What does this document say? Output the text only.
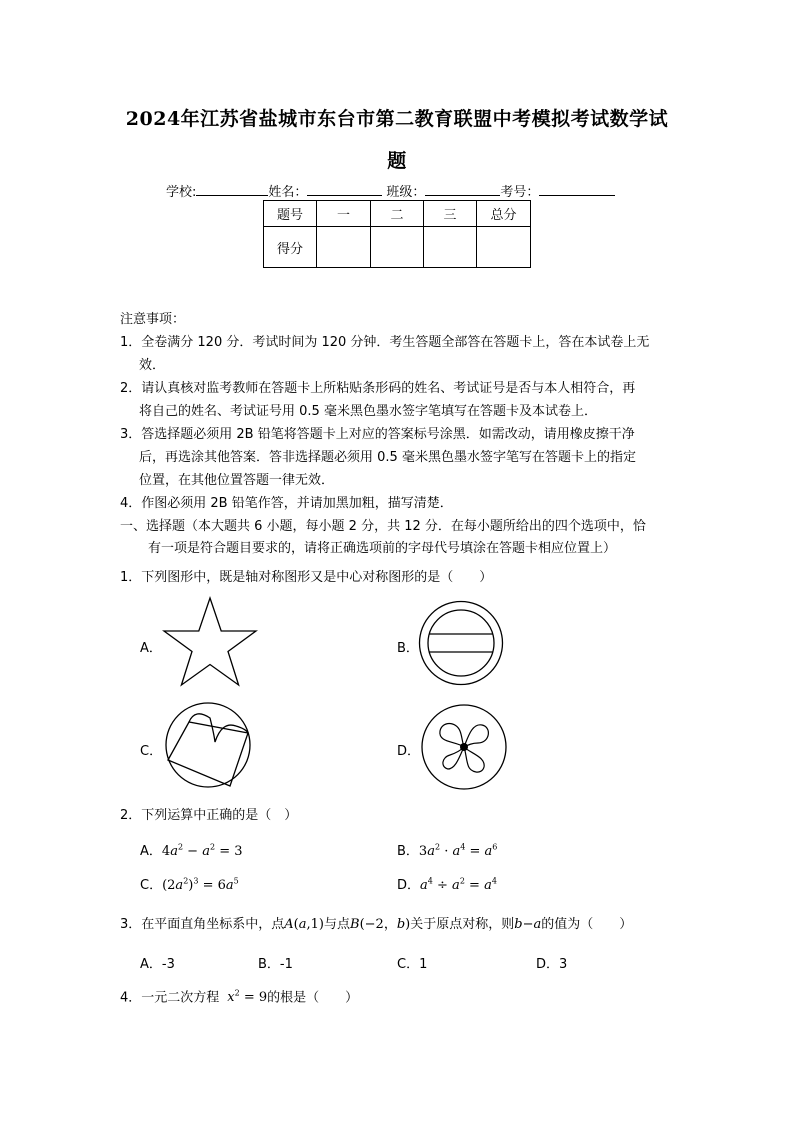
2024年江苏省盐城市东台市第二教育联盟中考模拟考试数学试
题
学校:	姓名：	班级：	考号：
题号	一	二	三	总分
得分				
注意事项：
1．全卷满分 120 分．考试时间为 120 分钟．考生答题全部答在答题卡上，答在本试卷上无
效．
2．请认真核对监考教师在答题卡上所粘贴条形码的姓名、考试证号是否与本人相符合，再
将自己的姓名、考试证号用 0.5 毫米黑色墨水签字笔填写在答题卡及本试卷上．
3．答选择题必须用 2B 铅笔将答题卡上对应的答案标号涂黑．如需改动，请用橡皮擦干净
后，再选涂其他答案．答非选择题必须用 0.5 毫米黑色墨水签字笔写在答题卡上的指定
位置，在其他位置答题一律无效．
4．作图必须用 2B 铅笔作答，并请加黑加粗，描写清楚．
一、选择题（本大题共 6 小题，每小题 2 分，共 12 分．在每小题所给出的四个选项中，恰
有一项是符合题目要求的，请将正确选项前的字母代号填涂在答题卡相应位置上）
1．下列图形中，既是轴对称图形又是中心对称图形的是（　　）
A．	B．
C．	D．
2．下列运算中正确的是（　）
A．$4a^2 - a^2 = 3$	B．$3a^2 \cdot a^4 = a^6$
C．$(2a^2)^3 = 6a^5$	D．$a^4 \div a^2 = a^4$
3．在平面直角坐标系中，点A(a,1)与点B(−2，b)关于原点对称，则b−a的值为（　　）
A．-3	B．-1	C．1	D．3
4．一元二次方程 $x^2 = 9$的根是（　　）
